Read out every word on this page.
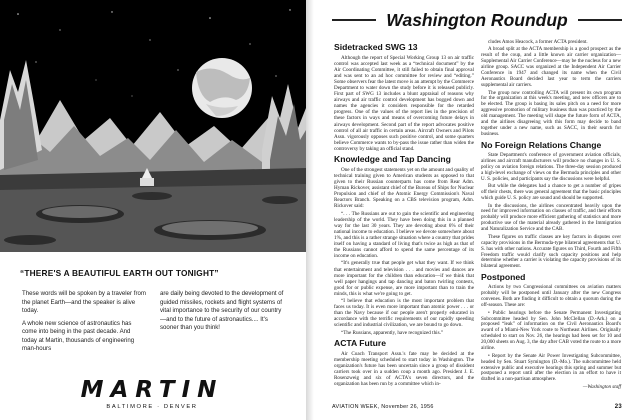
“THERE'S A BEAUTIFUL EARTH OUT TONIGHT”

These words will be spoken by a traveler from the planet Earth—and the speaker is alive today.

A whole new science of astronautics has come into being in the past decade. And today at Martin, thousands of engineering man-hours

are daily being devoted to the development of guided missiles, rockets and flight systems of vital importance to the security of our country—and to the future of astronautics.... It's sooner than you think!

MARTIN
BALTIMORE · DENVER
Washington Roundup
Sidetracked SWG 13

Although the report of Special Working Group 13 on air traffic control was accepted last week as a “technical document” by the Air Coordinating Committee, it still failed to obtain final approval and was sent to an ad hoc committee for review and “editing.” Some observers fear the latest move is an attempt by the Commerce Department to water down the study before it is released publicly. First part of SWG 13 includes a blunt appraisal of reasons why airways and air traffic control development has bogged down and names the agencies it considers responsible for the retarded progress. One of the values of the report lies in the precision of these factors in ways and means of overcoming future delays in airways development. Second part of the report advocates positive control of all air traffic in certain areas. Aircraft Owners and Pilots Assn. vigorously opposes such positive control, and some quarters believe Commerce wants to by-pass the issue rather than widen the controversy by taking an official stand.

Knowledge and Tap Dancing

One of the strongest statements yet on the amount and quality of technical training given to American students as opposed to that given to their Russian counterparts has come from Rear Adm. Hyman Rickover, assistant chief of the Bureau of Ships for Nuclear Propulsion and chief of the Atomic Energy Commission's Naval Reactors Branch. Speaking on a CBS television program, Adm. Rickover said:

“. . . The Russians are out to gain the scientific and engineering leadership of the world. They have been doing this in a planned way for the last 30 years. They are devoting about 6% of their national income to education. I believe we devote somewhere about 1%, and this is a rather strange situation where a country that prides itself on having a standard of living that's twice as high as that of the Russians cannot afford to spend the same percentage of its income on education.

“It's generally true that people get what they want. If we think that entertainment and television . . . and movies and dances are more important for the children than education—if we think that well paper hangings and tap dancing and baton twirling contests, good for or public expense, are more important than to train the minds, this is what we're going to get.

“I believe that education is the most important problem that faces us today. It is even more important than atomic power . . . or than the Navy because if our people aren't properly educated in accordance with the terrific requirements of our rapidly speeding scientific and industrial civilization, we are bound to go down.

“The Russians, apparently, have recognized this.”

ACTA Future

Air Coach Transport Assn.'s fate may be decided at the membership meeting scheduled to start today in Washington. The organization's future has been uncertain since a group of dissident carriers took over in a sudden coup a month ago. President J. E. Rosenzweig and six of ACTA's seven directors, and the organization has been run by a committee which in-

cludes Amos Heacock, a former ACTA president.

A broad split at the ACTA membership is a good prospect as the result of the coup, and a little known air carrier organization—Supplemental Air Carrier Conference—may be the nucleus for a new airline group. SACC was organized at the Independent Air Carrier Conference in 1947 and changed its name when the Civil Aeronautics Board decided last year to term the carriers supplemental air carriers.

The group now controlling ACTA will present its own program for the organization at this week's meeting, and new officers are to be elected. The group is basing its sales pitch on a need for more aggressive promotion of military business than was practiced by the old management. The meeting will shape the future form of ACTA, and the airlines disagreeing with this form may decide to band together under a new name, such as SACC, in their search for business.

No Foreign Relations Change

State Department's conference of government aviation officials, airlines and aircraft manufacturers will produce no changes in U. S. policy on aviation foreign relations. The three-day session produced a high-level exchange of views on the Bermuda principles and other U. S. policies, and participants say the discussions were helpful.

But while the delegates had a chance to get a number of gripes off their chests, there was general agreement that the basic principles which guide U. S. policy are sound and should be supported.

In the discussions, the airlines concentrated heavily upon the need for improved information on classes of traffic, and their efforts probably will produce more efficient gathering of statistics and more productive use of the material already gathered in the Immigration and Naturalization Service and the CAB.

These figures on traffic classes are key factors in disputes over capacity provisions in the Bermuda-type bilateral agreements that U. S. has with other nations. Accurate figures on Third, Fourth and Fifth Freedom traffic would clarify such capacity positions and help determine whether a carrier is violating the capacity provisions of its bilateral agreement.

Postponed

Actions by two Congressional committees on aviation matters probably will be postponed until January after the new Congress convenes. Both are finding it difficult to obtain a quorum during the off-season. These are:

• Public hearings before the Senate Permanent Investigating Subcommittee headed by Sen. John McClellan (D.-Ark.) on a proposed “leak” of information on the Civil Aeronautics Board's award of a Miami-New York route to Northeast Airlines. Originally scheduled to start on Nov. 26, the hearings had been set for 10 and 20,000 sheets on Aug. 3, the day after CAB voted the route to a more airline.

• Report by the Senate Air Power Investigating Subcommittee, headed by Sen. Stuart Symington (D.-Mo.). The subcommittee held extensive public and executive hearings this spring and summer but postponed a report until after the election in an effort to have it drafted in a non-partisan atmosphere.

—Washington staff
AVIATION WEEK, November 26, 1956	23
